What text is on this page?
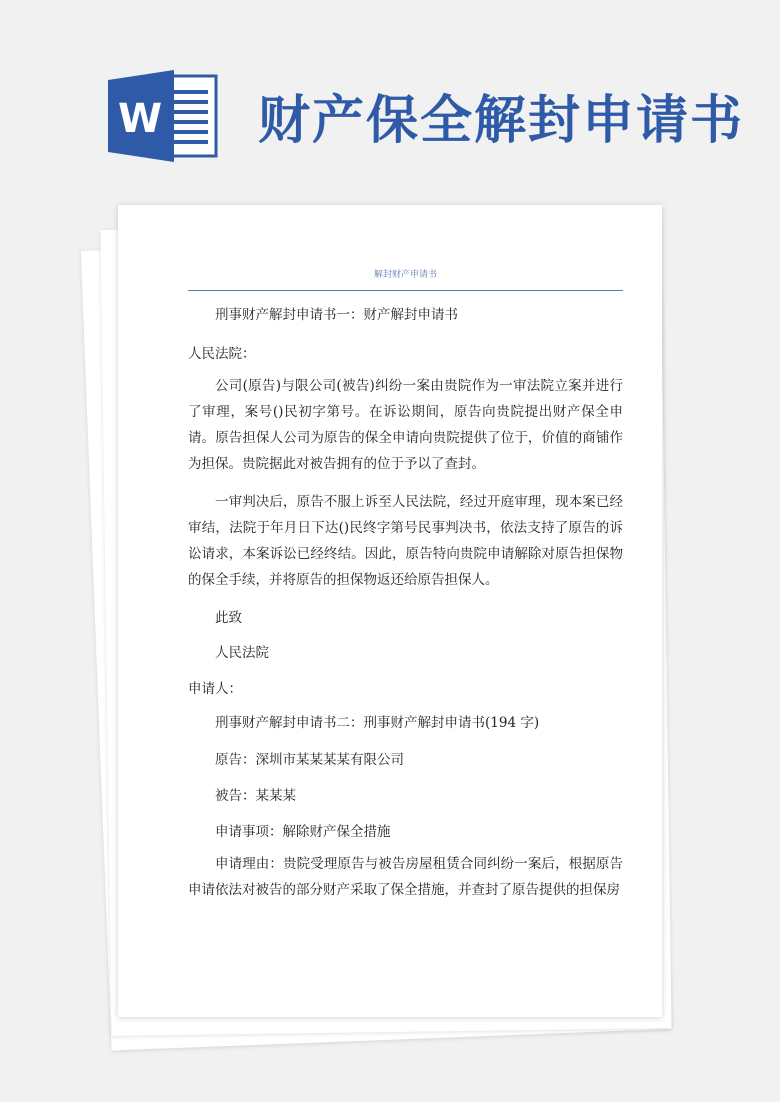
W 财产保全解封申请书
解封财产申请书
刑事财产解封申请书一：财产解封申请书
人民法院：
公司(原告)与限公司(被告)纠纷一案由贵院作为一审法院立案并进行了审理，案号()民初字第号。在诉讼期间，原告向贵院提出财产保全申请。原告担保人公司为原告的保全申请向贵院提供了位于，价值的商铺作为担保。贵院据此对被告拥有的位于予以了查封。
一审判决后，原告不服上诉至人民法院，经过开庭审理，现本案已经审结，法院于年月日下达()民终字第号民事判决书，依法支持了原告的诉讼请求，本案诉讼已经终结。因此，原告特向贵院申请解除对原告担保物的保全手续，并将原告的担保物返还给原告担保人。
此致
人民法院
申请人：
刑事财产解封申请书二：刑事财产解封申请书(194 字)
原告：深圳市某某某某有限公司
被告：某某某
申请事项：解除财产保全措施
申请理由：贵院受理原告与被告房屋租赁合同纠纷一案后，根据原告申请依法对被告的部分财产采取了保全措施，并查封了原告提供的担保房
